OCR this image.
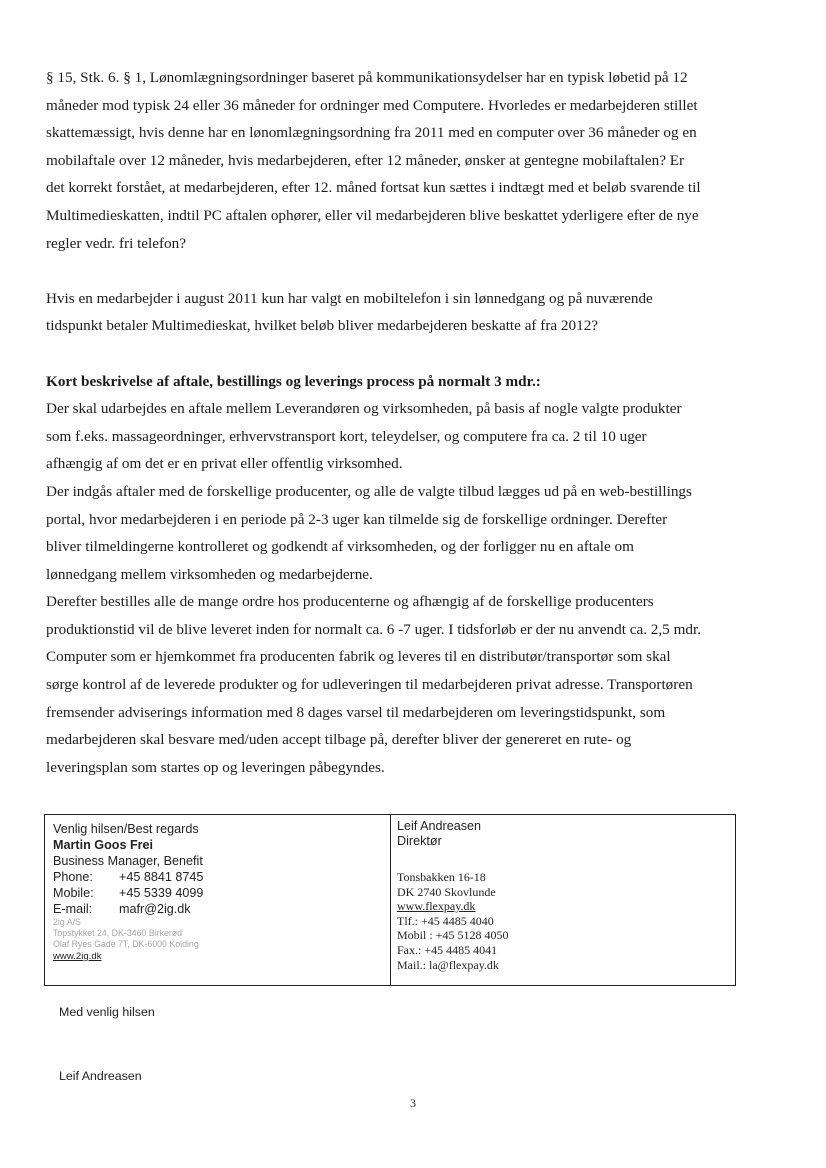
§ 15, Stk. 6. § 1, Lønomlægningsordninger baseret på kommunikationsydelser har en typisk løbetid på 12
måneder mod typisk 24 eller 36 måneder for ordninger med Computere. Hvorledes er medarbejderen stillet
skattemæssigt, hvis denne har en lønomlægningsordning fra 2011 med en computer over 36 måneder og en
mobilaftale over 12 måneder, hvis medarbejderen, efter 12 måneder, ønsker at gentegne mobilaftalen? Er
det korrekt forstået, at medarbejderen, efter 12. måned fortsat kun sættes i indtægt med et beløb svarende til
Multimedieskatten, indtil PC aftalen ophører, eller vil medarbejderen blive beskattet yderligere efter de nye
regler vedr. fri telefon?

Hvis en medarbejder i august 2011 kun har valgt en mobiltelefon i sin lønnedgang og på nuværende
tidspunkt betaler Multimedieskat, hvilket beløb bliver medarbejderen beskatte af fra 2012?

Kort beskrivelse af aftale, bestillings og leverings process på normalt 3 mdr.:

Der skal udarbejdes en aftale mellem Leverandøren og virksomheden, på basis af nogle valgte produkter
som f.eks. massageordninger, erhvervstransport kort, teleydelser, og computere fra ca. 2 til 10 uger
afhængig af om det er en privat eller offentlig virksomhed.

Der indgås aftaler med de forskellige producenter, og alle de valgte tilbud lægges ud på en web-bestillings
portal, hvor medarbejderen i en periode på 2-3 uger kan tilmelde sig de forskellige ordninger. Derefter
bliver tilmeldingerne kontrolleret og godkendt af virksomheden, og der forligger nu en aftale om
lønnedgang mellem virksomheden og medarbejderne.

Derefter bestilles alle de mange ordre hos producenterne og afhængig af de forskellige producenters
produktionstid vil de blive leveret inden for normalt ca. 6 -7 uger. I tidsforløb er der nu anvendt ca. 2,5 mdr.
Computer som er hjemkommet fra producenten fabrik og leveres til en distributør/transportør som skal
sørge kontrol af de leverede produkter og for udleveringen til medarbejderen privat adresse. Transportøren
fremsender adviserings information med 8 dages varsel til medarbejderen om leveringstidspunkt, som
medarbejderen skal besvare med/uden accept tilbage på, derefter bliver der genereret en rute- og
leveringsplan som startes op og leveringen påbegyndes.

Venlig hilsen/Best regards
Martin Goos Frei
Business Manager, Benefit
Phone:	+45 8841 8745
Mobile:	+45 5339 4099
E-mail:	mafr@2ig.dk
2ig A/S
Topstykket 24, DK-3460 Birkerød
Olaf Ryes Gade 7T, DK-6000 Kolding
www.2ig.dk
Leif Andreasen
Direktør
Tonsbakken 16-18
DK 2740 Skovlunde
www.flexpay.dk
Tlf.: +45 4485 4040
Mobil : +45 5128 4050
Fax.: +45 4485 4041
Mail.: la@flexpay.dk
Med venlig hilsen
Leif Andreasen
3
